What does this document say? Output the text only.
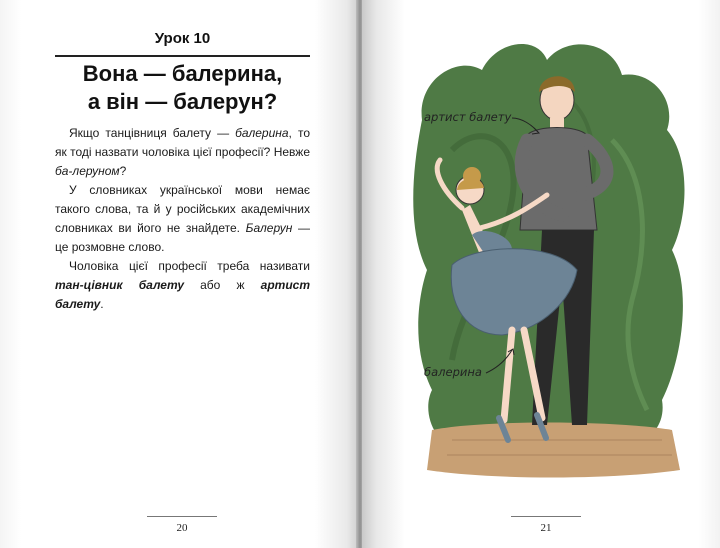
Урок 10
Вона — балерина,
а він — балерун?

Якщо танцівниця балету — балерина, то як тоді назвати чоловіка цієї професії? Невже ба-лeруном?

У словниках української мови немає такого слова, та й у російських академічних словниках ви його не знайдете. Балерун — це розмовне слово.

Чоловіка цієї професії треба називати тан-цівник балету або ж артист балету.

20	21
артист балету
балерина
